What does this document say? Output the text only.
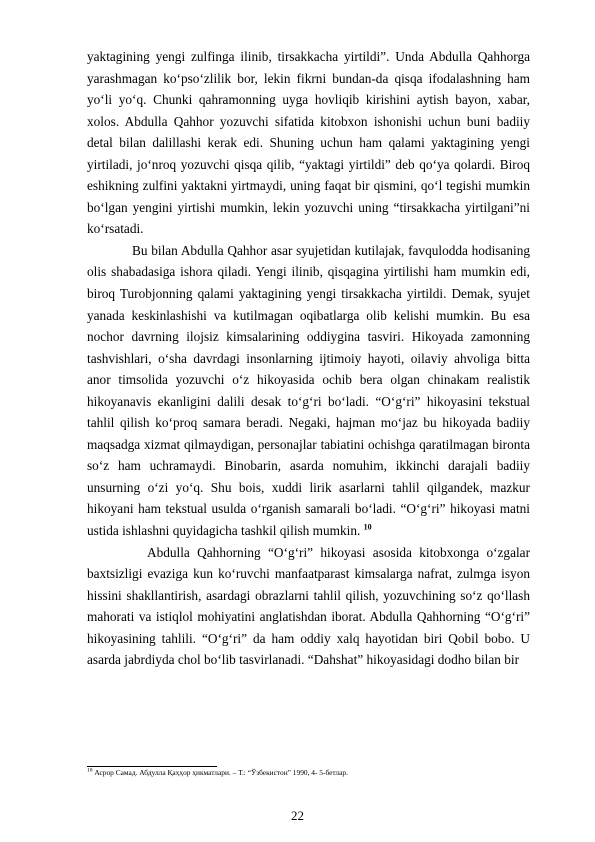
yaktagining yengi zulfinga ilinib, tirsakkacha yirtildi”. Unda Abdulla Qahhorga yarashmagan ko‘pso‘zlilik bor, lekin fikrni bundan-da qisqa ifodalashning ham yo‘li yo‘q. Chunki qahramonning uyga hovliqib kirishini aytish bayon, xabar, xolos. Abdulla Qahhor yozuvchi sifatida kitobxon ishonishi uchun buni badiiy detal bilan dalillashi kerak edi. Shuning uchun ham qalami yaktagining yengi yirtiladi, jo‘nroq yozuvchi qisqa qilib, “yaktagi yirtildi” deb qo‘ya qolardi. Biroq eshikning zulfini yaktakni yirtmaydi, uning faqat bir qismini, qo‘l tegishi mumkin bo‘lgan yengini yirtishi mumkin, lekin yozuvchi uning “tirsakkacha yirtilgani”ni ko‘rsatadi.

Bu bilan Abdulla Qahhor asar syujetidan kutilajak, favqulodda hodisaning olis shabadasiga ishora qiladi. Yengi ilinib, qisqagina yirtilishi ham mumkin edi, biroq Turobjonning qalami yaktagining yengi tirsakkacha yirtildi. Demak, syujet yanada keskinlashishi va kutilmagan oqibatlarga olib kelishi mumkin. Bu esa nochor davrning ilojsiz kimsalarining oddiygina tasviri. Hikoyada zamonning tashvishlari, o‘sha davrdagi insonlarning ijtimoiy hayoti, oilaviy ahvoliga bitta anor timsolida yozuvchi o‘z hikoyasida ochib bera olgan chinakam realistik hikoyanavis ekanligini dalili desak to‘g‘ri bo‘ladi. “O‘g‘ri” hikoyasini tekstual tahlil qilish ko‘proq samara beradi. Negaki, hajman mo‘jaz bu hikoyada badiiy maqsadga xizmat qilmaydigan, personajlar tabiatini ochishga qaratilmagan bironta so‘z ham uchramaydi. Binobarin, asarda nomuhim, ikkinchi darajali badiiy unsurning o‘zi yo‘q. Shu bois, xuddi lirik asarlarni tahlil qilgandek, mazkur hikoyani ham tekstual usulda o‘rganish samarali bo‘ladi. “O‘g‘ri” hikoyasi matni ustida ishlashni quyidagicha tashkil qilish mumkin. $^{10}$

Abdulla Qahhorning “O‘g‘ri” hikoyasi asosida kitobxonga o‘zgalar baxtsizligi evaziga kun ko‘ruvchi manfaatparast kimsalarga nafrat, zulmga isyon hissini shakllantirish, asardagi obrazlarni tahlil qilish, yozuvchining so‘z qo‘llash mahorati va istiqlol mohiyatini anglatishdan iborat. Abdulla Qahhorning “O‘g‘ri” hikoyasining tahlili. “O‘g‘ri” da ham oddiy xalq hayotidan biri Qobil bobo. U asarda jabrdiyda chol bo‘lib tasvirlanadi. “Dahshat” hikoyasidagi dodho bilan bir

$^{10}$ Асрор Самад. Абдулла Қаҳҳор ҳикматлари. – Т.: “Ўзбекистон” 1990, 4- 5-бетлар.
22
